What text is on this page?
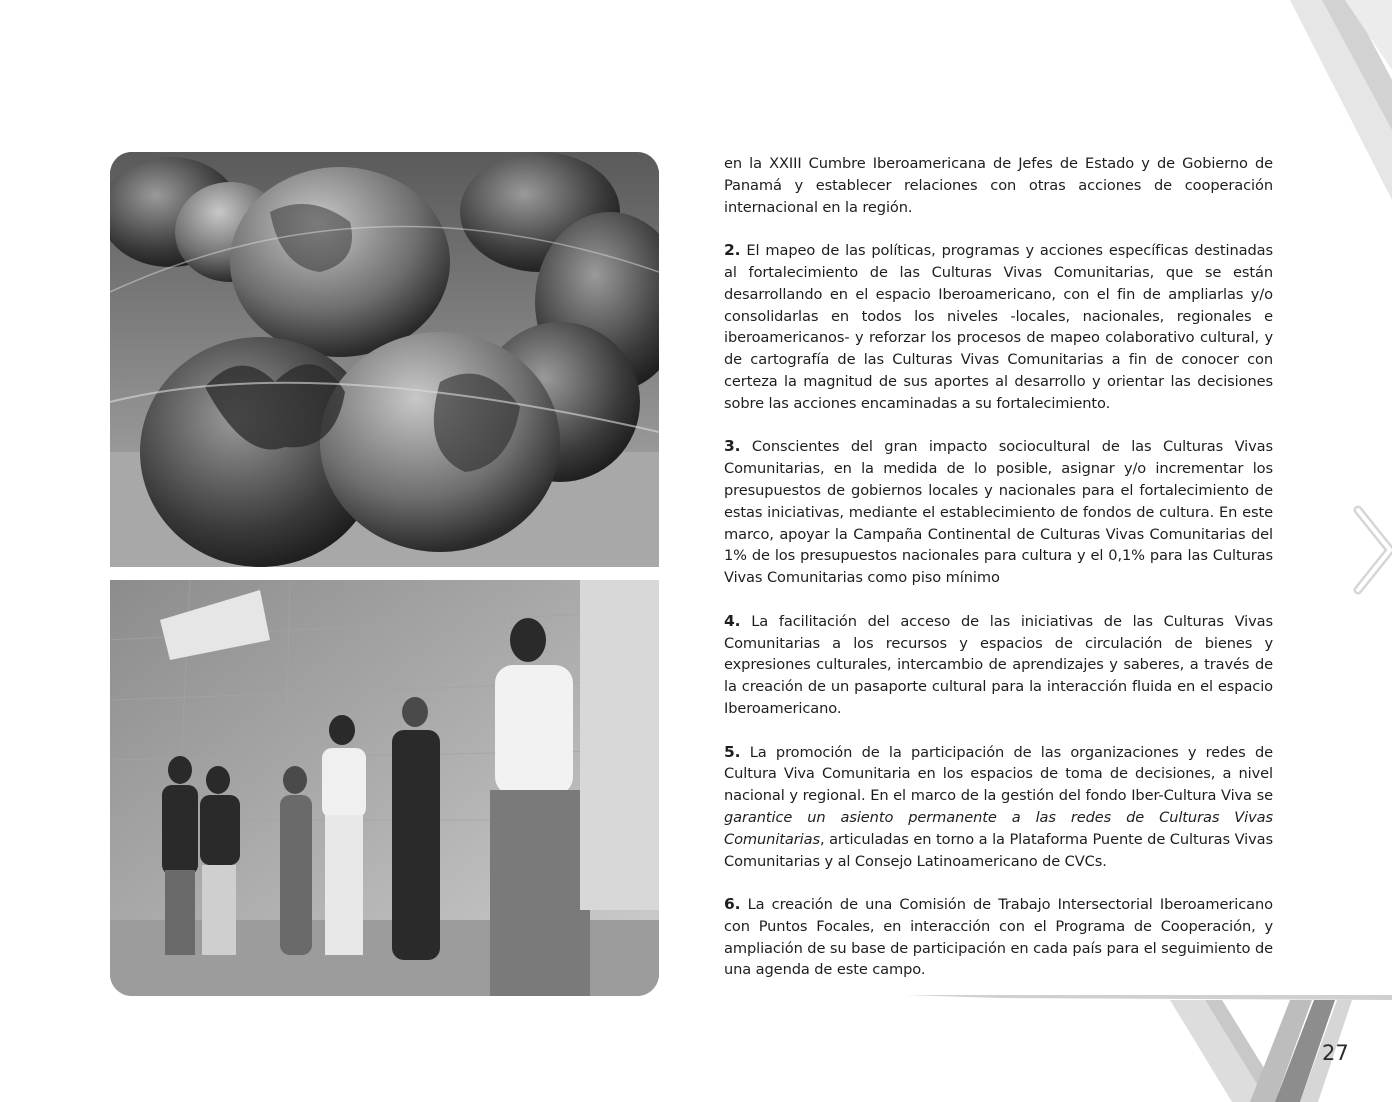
en la XXIII Cumbre Iberoamericana de Jefes de Estado y de Gobierno de Panamá y establecer relaciones con otras acciones de cooperación internacional en la región.

2. El mapeo de las políticas, programas y acciones específicas destinadas al fortalecimiento de las Culturas Vivas Comunitarias, que se están desarrollando en el espacio Iberoamericano, con el fin de ampliarlas y/o consolidarlas en todos los niveles -locales, nacionales, regionales e iberoamericanos- y reforzar los procesos de mapeo colaborativo cultural, y de cartografía de las Culturas Vivas Comunitarias a fin de conocer con certeza la magnitud de sus aportes al desarrollo y orientar las decisiones sobre las acciones encaminadas a su fortalecimiento.

3. Conscientes del gran impacto sociocultural de las Culturas Vivas Comunitarias, en la medida de lo posible, asignar y/o incrementar los presupuestos de gobiernos locales y nacionales para el fortalecimiento de estas iniciativas, mediante el establecimiento de fondos de cultura. En este marco, apoyar la Campaña Continental de Culturas Vivas Comunitarias del 1% de los presupuestos nacionales para cultura y el 0,1% para las Culturas Vivas Comunitarias como piso mínimo

4. La facilitación del acceso de las iniciativas de las Culturas Vivas Comunitarias a los recursos y espacios de circulación de bienes y expresiones culturales, intercambio de aprendizajes y saberes, a través de la creación de un pasaporte cultural para la interacción fluida en el espacio Iberoamericano.

5. La promoción de la participación de las organizaciones y redes de Cultura Viva Comunitaria en los espacios de toma de decisiones, a nivel nacional y regional. En el marco de la gestión del fondo Iber-Cultura Viva se garantice un asiento permanente a las redes de Culturas Vivas Comunitarias, articuladas en torno a la Plataforma Puente de Culturas Vivas Comunitarias y al Consejo Latinoamericano de CVCs.

6. La creación de una Comisión de Trabajo Intersectorial Iberoamericano con Puntos Focales, en interacción con el Programa de Cooperación, y ampliación de su base de participación en cada país para el seguimiento de una agenda de este campo.

27
